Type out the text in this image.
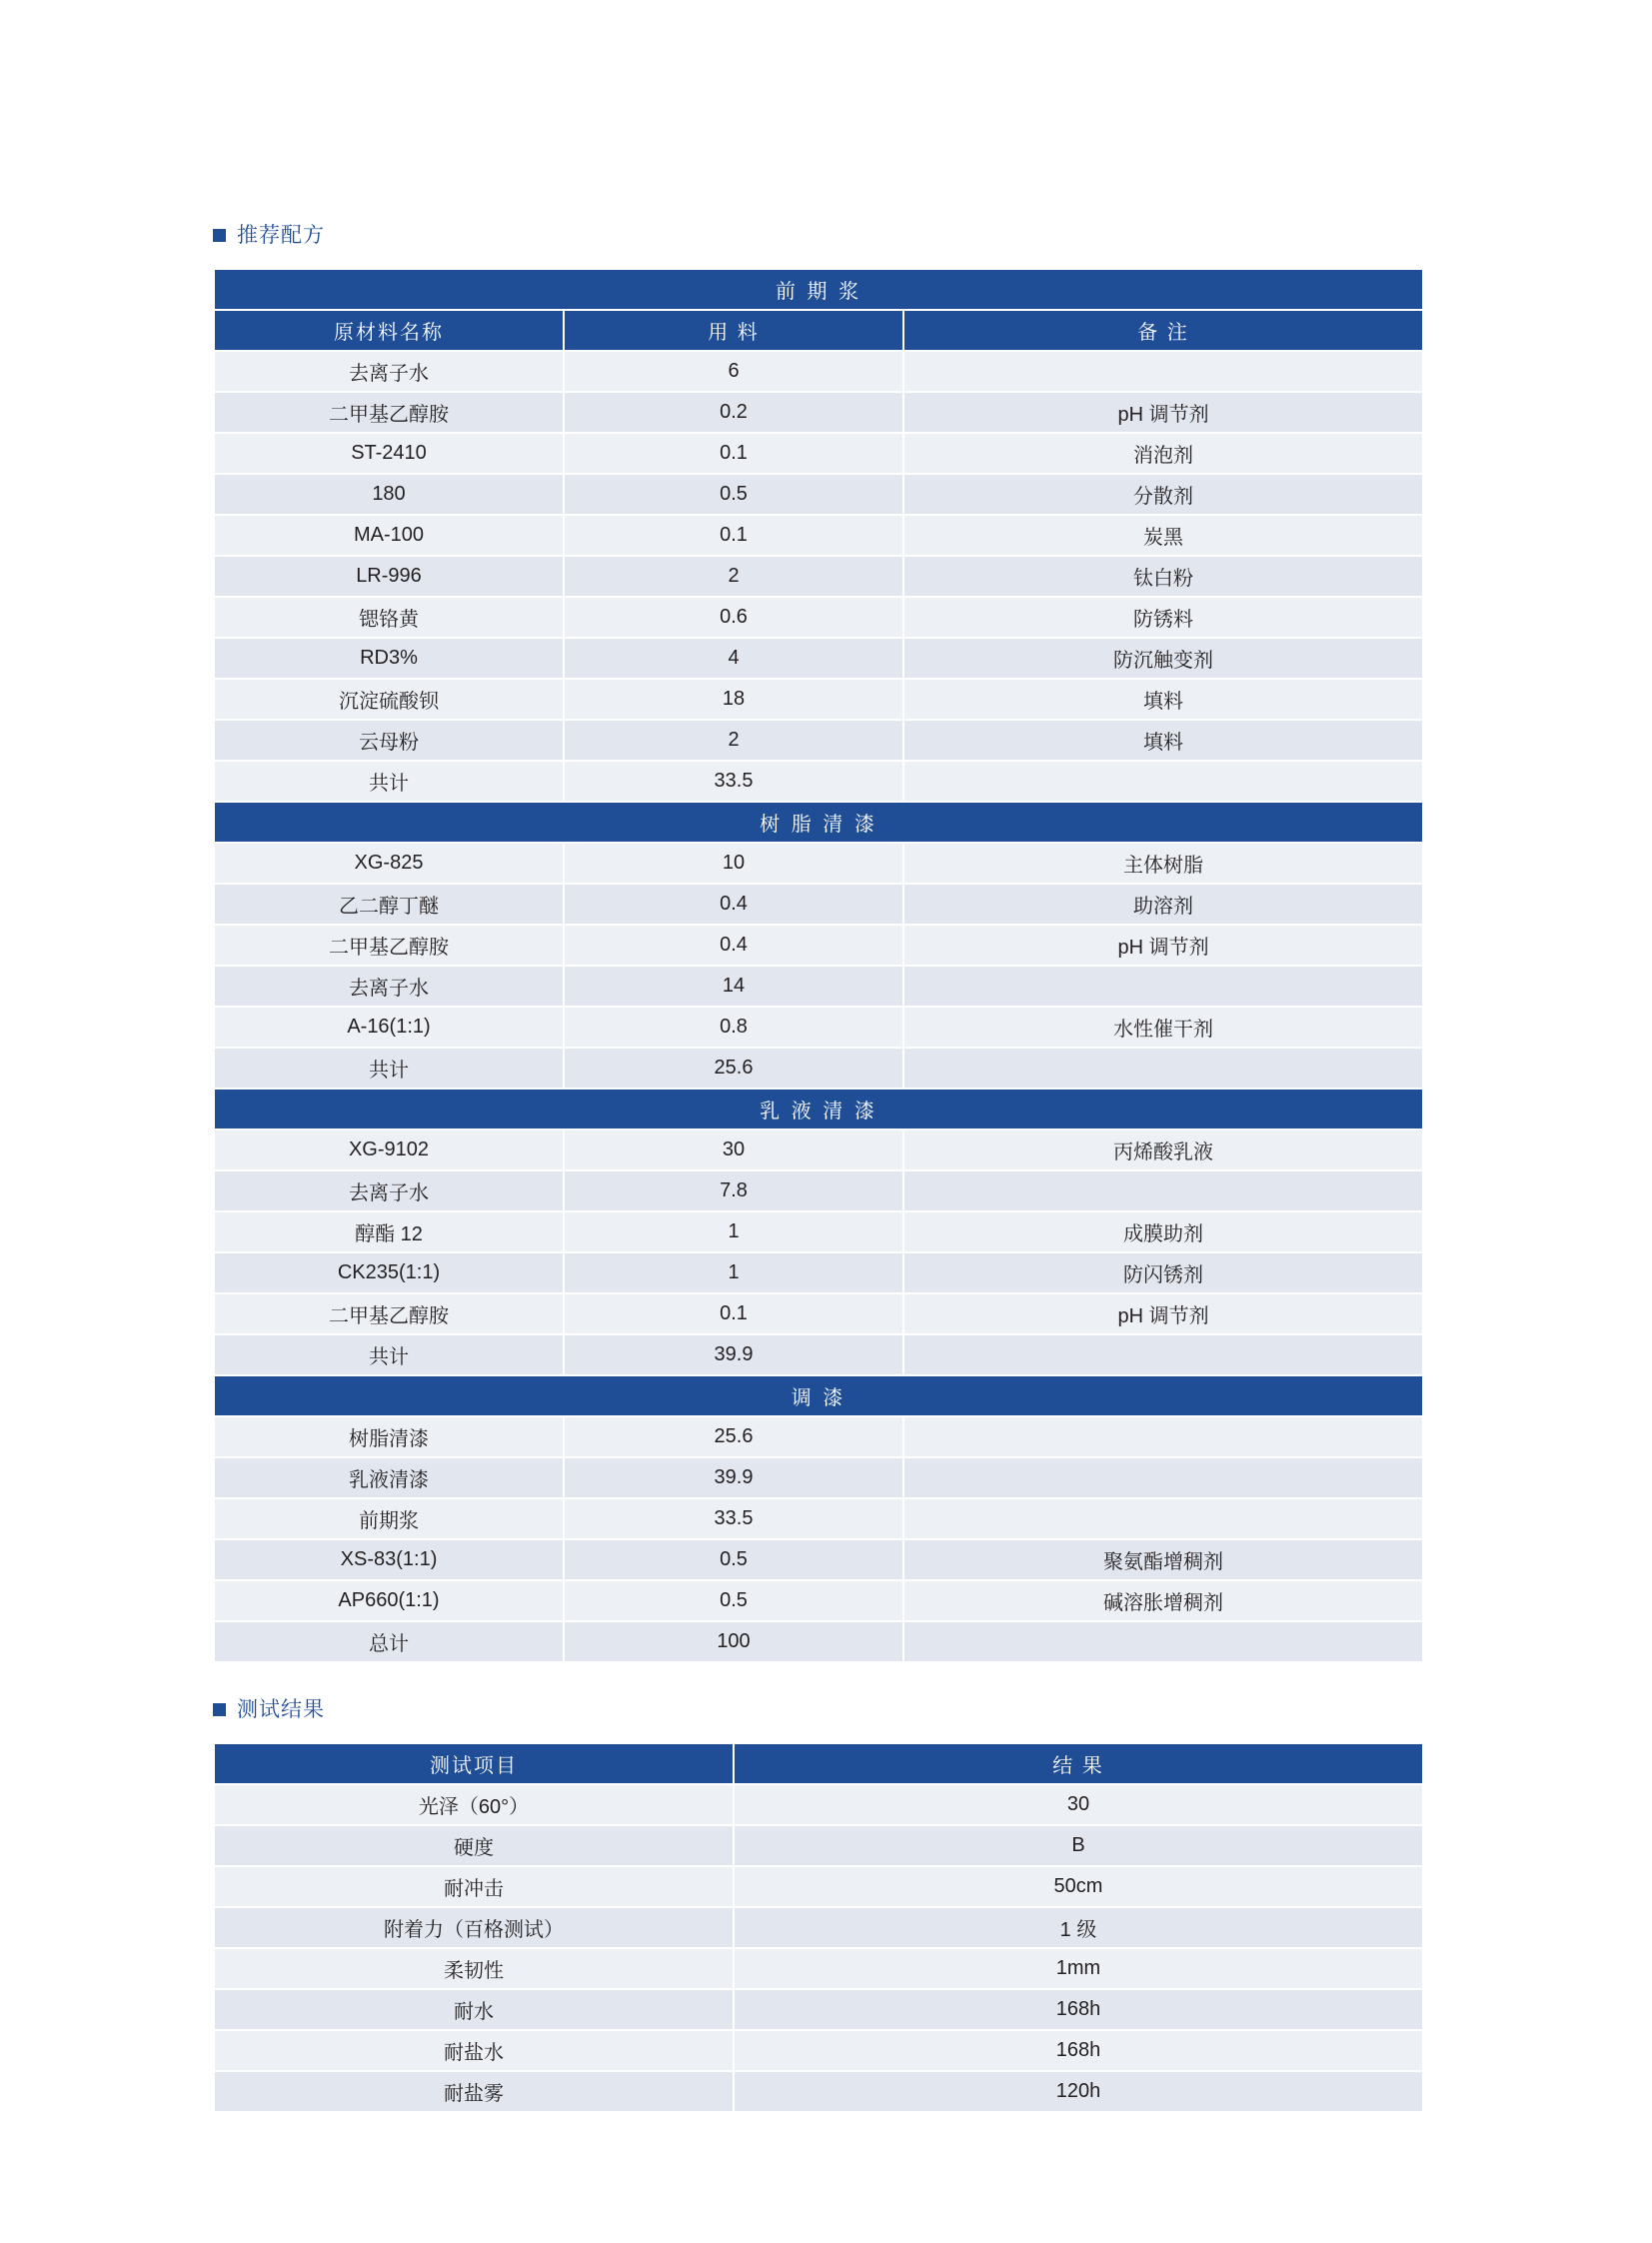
推荐配方
前 期 浆		
原材料名称	用 料	备 注
去离子水	6	
二甲基乙醇胺	0.2	pH 调节剂
ST-2410	0.1	消泡剂
180	0.5	分散剂
MA-100	0.1	炭黑
LR-996	2	钛白粉
锶铬黄	0.6	防锈料
RD3%	4	防沉触变剂
沉淀硫酸钡	18	填料
云母粉	2	填料
共计	33.5	
树 脂 清 漆		
XG-825	10	主体树脂
乙二醇丁醚	0.4	助溶剂
二甲基乙醇胺	0.4	pH 调节剂
去离子水	14	
A-16(1:1)	0.8	水性催干剂
共计	25.6	
乳 液 清 漆		
XG-9102	30	丙烯酸乳液
去离子水	7.8	
醇酯 12	1	成膜助剂
CK235(1:1)	1	防闪锈剂
二甲基乙醇胺	0.1	pH 调节剂
共计	39.9	
调 漆		
树脂清漆	25.6	
乳液清漆	39.9	
前期浆	33.5	
XS-83(1:1)	0.5	聚氨酯增稠剂
AP660(1:1)	0.5	碱溶胀增稠剂
总计	100	
测试结果
测试项目	结 果
光泽（60°）	30
硬度	B
耐冲击	50cm
附着力（百格测试）	1 级
柔韧性	1mm
耐水	168h
耐盐水	168h
耐盐雾	120h
